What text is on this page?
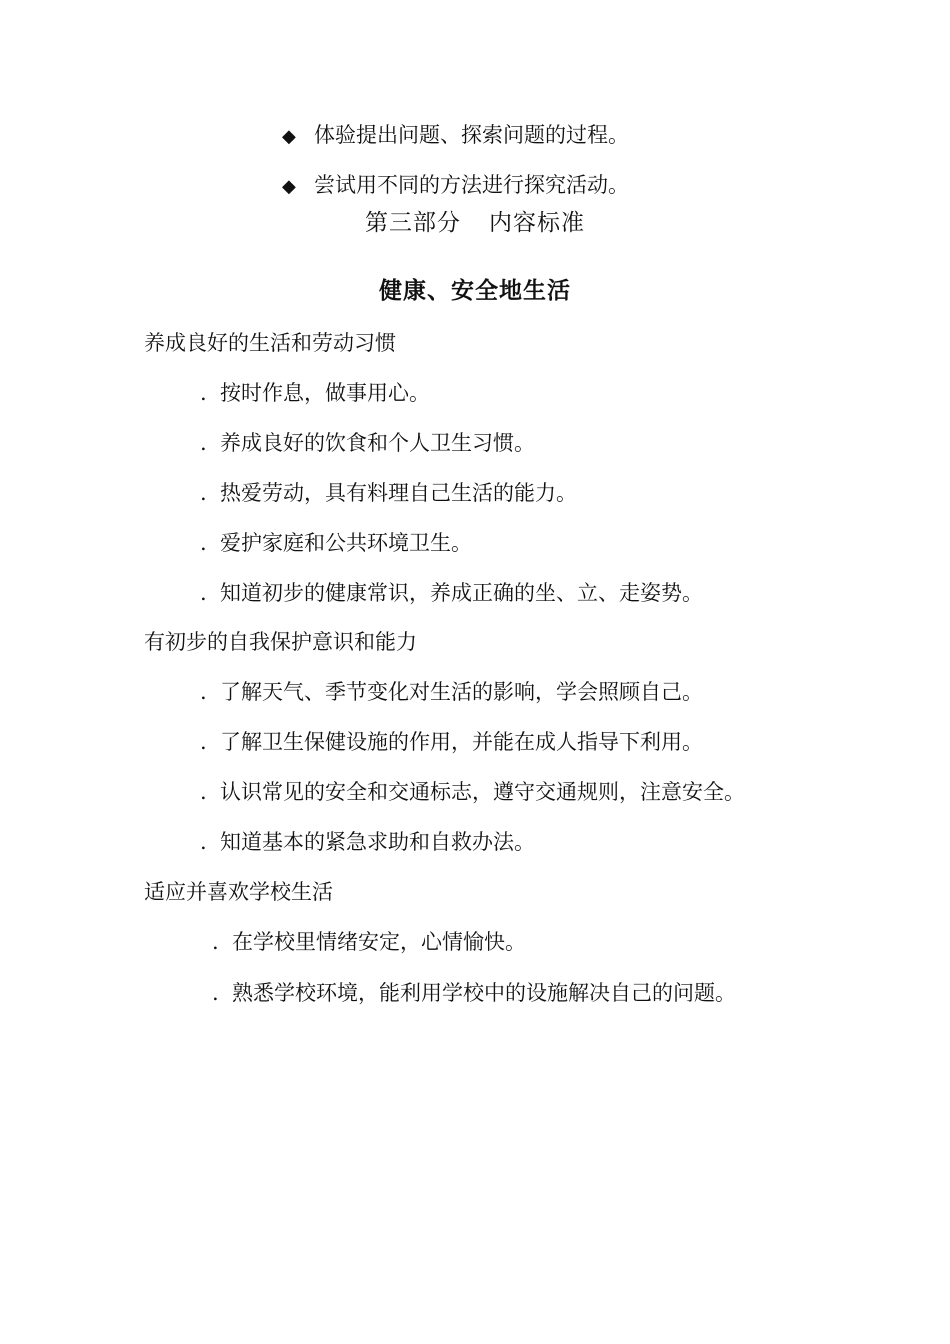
◆ 体验提出问题、探索问题的过程。
◆ 尝试用不同的方法进行探究活动。
第三部分 内容标准
健康、安全地生活
养成良好的生活和劳动习惯
. 按时作息，做事用心。
. 养成良好的饮食和个人卫生习惯。
. 热爱劳动，具有料理自己生活的能力。
. 爱护家庭和公共环境卫生。
. 知道初步的健康常识，养成正确的坐、立、走姿势。
有初步的自我保护意识和能力
. 了解天气、季节变化对生活的影响，学会照顾自己。
. 了解卫生保健设施的作用，并能在成人指导下利用。
. 认识常见的安全和交通标志，遵守交通规则，注意安全。
. 知道基本的紧急求助和自救办法。
适应并喜欢学校生活
. 在学校里情绪安定，心情愉快。
. 熟悉学校环境，能利用学校中的设施解决自己的问题。
